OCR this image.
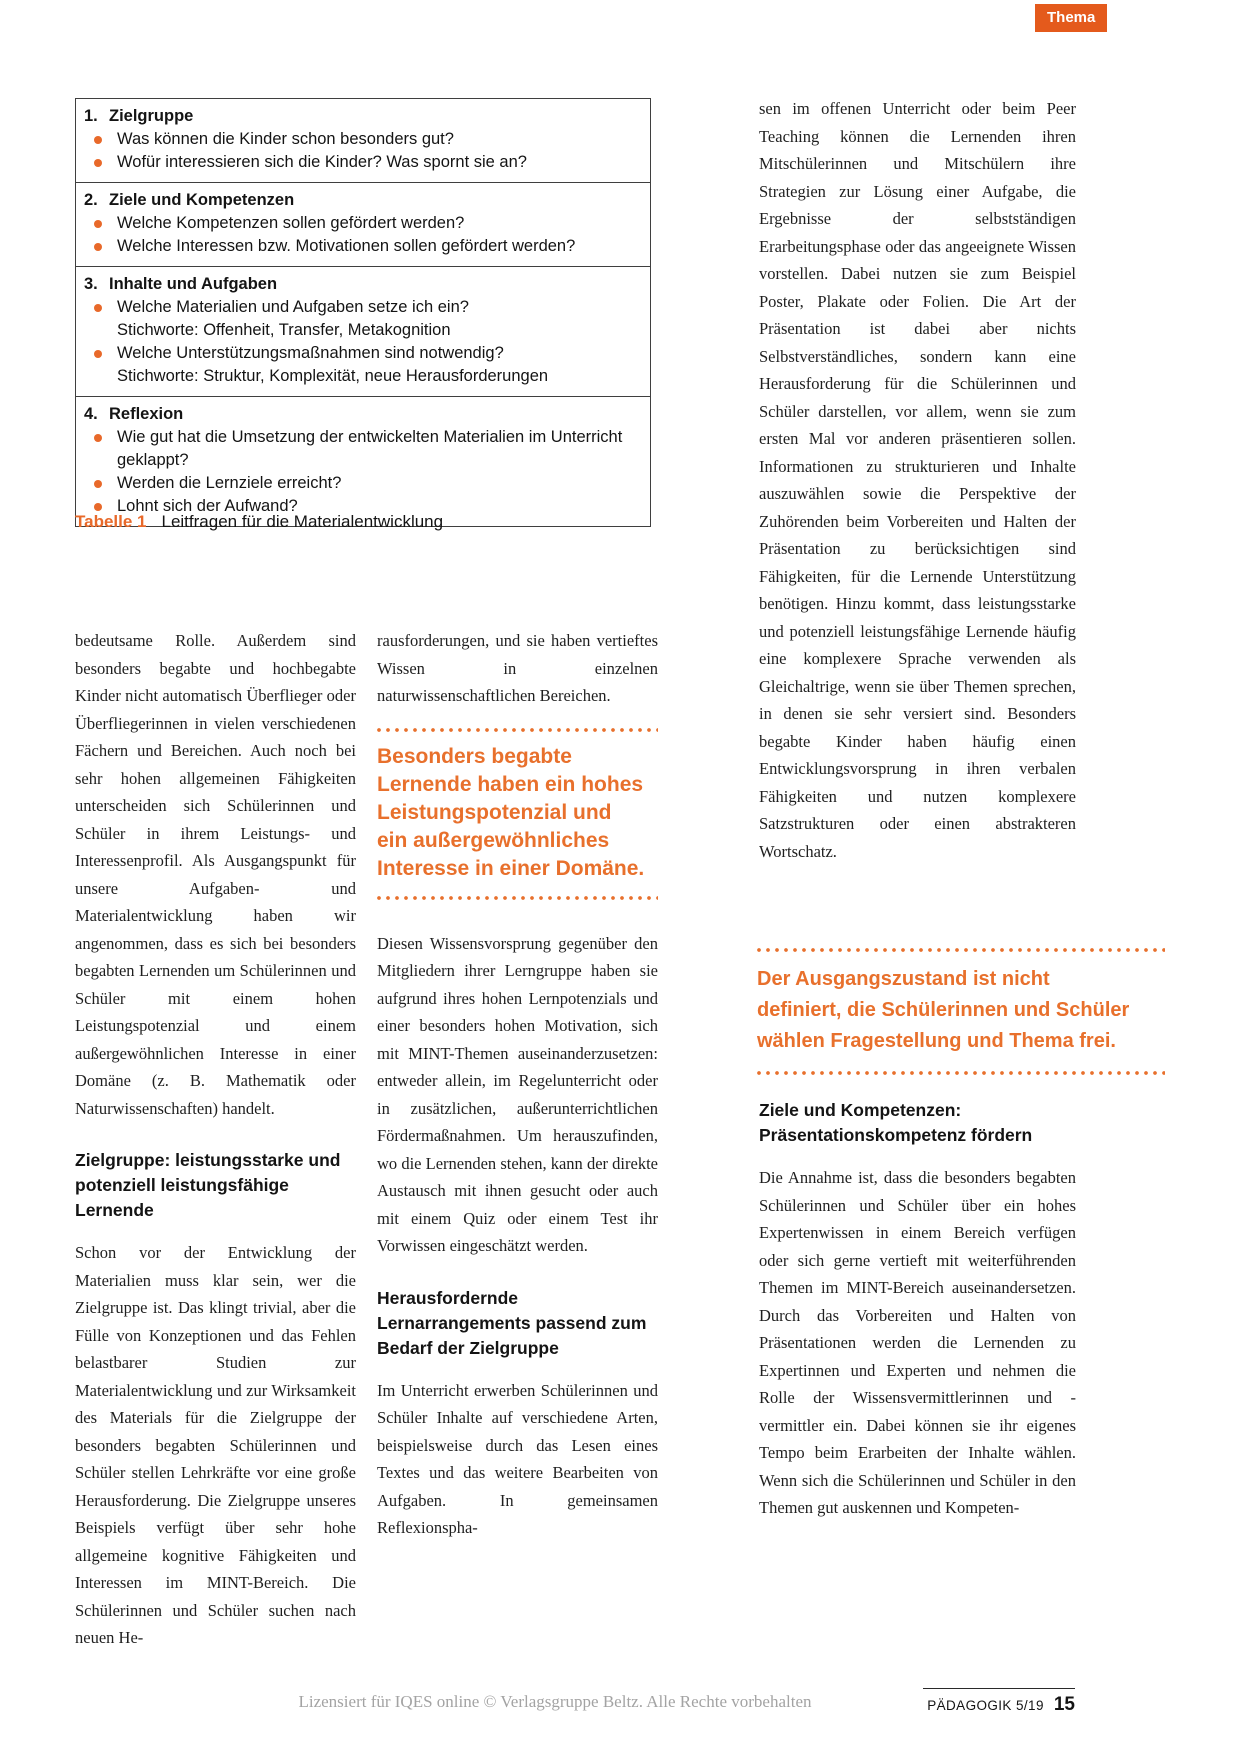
Thema
1. Zielgruppe
Was können die Kinder schon besonders gut?
Wofür interessieren sich die Kinder? Was spornt sie an?
2. Ziele und Kompetenzen
Welche Kompetenzen sollen gefördert werden?
Welche Interessen bzw. Motivationen sollen gefördert werden?
3. Inhalte und Aufgaben
Welche Materialien und Aufgaben setze ich ein?
Stichworte: Offenheit, Transfer, Metakognition
Welche Unterstützungsmaßnahmen sind notwendig?
Stichworte: Struktur, Komplexität, neue Herausforderungen
4. Reflexion
Wie gut hat die Umsetzung der entwickelten Materialien im Unterricht geklappt?
Werden die Lernziele erreicht?
Lohnt sich der Aufwand?
Tabelle 1 Leitfragen für die Materialentwicklung

bedeutsame Rolle. Außerdem sind besonders begabte und hochbegabte Kinder nicht automatisch Überflieger oder Überfliegerinnen in vielen verschiedenen Fächern und Bereichen. Auch noch bei sehr hohen allgemeinen Fähigkeiten unterscheiden sich Schülerinnen und Schüler in ihrem Leistungs- und Interessenprofil. Als Ausgangspunkt für unsere Aufgaben- und Materialentwicklung haben wir angenommen, dass es sich bei besonders begabten Lernenden um Schülerinnen und Schüler mit einem hohen Leistungspotenzial und einem außergewöhnlichen Interesse in einer Domäne (z. B. Mathematik oder Naturwissenschaften) handelt.

Zielgruppe: leistungsstarke und potenziell leistungsfähige Lernende

Schon vor der Entwicklung der Materialien muss klar sein, wer die Zielgruppe ist. Das klingt trivial, aber die Fülle von Konzeptionen und das Fehlen belastbarer Studien zur Materialentwicklung und zur Wirksamkeit des Materials für die Zielgruppe der besonders begabten Schülerinnen und Schüler stellen Lehrkräfte vor eine große Herausforderung. Die Zielgruppe unseres Beispiels verfügt über sehr hohe allgemeine kognitive Fähigkeiten und Interessen im MINT-Bereich. Die Schülerinnen und Schüler suchen nach neuen He-

rausforderungen, und sie haben vertieftes Wissen in einzelnen naturwissenschaftlichen Bereichen.

Besonders begabte
Lernende haben ein hohes
Leistungspotenzial und
ein außergewöhnliches
Interesse in einer Domäne.

Diesen Wissensvorsprung gegenüber den Mitgliedern ihrer Lerngruppe haben sie aufgrund ihres hohen Lernpotenzials und einer besonders hohen Motivation, sich mit MINT-Themen auseinanderzusetzen: entweder allein, im Regelunterricht oder in zusätzlichen, außerunterrichtlichen Fördermaßnahmen. Um herauszufinden, wo die Lernenden stehen, kann der direkte Austausch mit ihnen gesucht oder auch mit einem Quiz oder einem Test ihr Vorwissen eingeschätzt werden.

Herausfordernde Lernarrangements passend zum Bedarf der Zielgruppe

Im Unterricht erwerben Schülerinnen und Schüler Inhalte auf verschiedene Arten, beispielsweise durch das Lesen eines Textes und das weitere Bearbeiten von Aufgaben. In gemeinsamen Reflexionspha-

sen im offenen Unterricht oder beim Peer Teaching können die Lernenden ihren Mitschülerinnen und Mitschülern ihre Strategien zur Lösung einer Aufgabe, die Ergebnisse der selbstständigen Erarbeitungsphase oder das angeeignete Wissen vorstellen. Dabei nutzen sie zum Beispiel Poster, Plakate oder Folien. Die Art der Präsentation ist dabei aber nichts Selbstverständliches, sondern kann eine Herausforderung für die Schülerinnen und Schüler darstellen, vor allem, wenn sie zum ersten Mal vor anderen präsentieren sollen. Informationen zu strukturieren und Inhalte auszuwählen sowie die Perspektive der Zuhörenden beim Vorbereiten und Halten der Präsentation zu berücksichtigen sind Fähigkeiten, für die Lernende Unterstützung benötigen. Hinzu kommt, dass leistungsstarke und potenziell leistungsfähige Lernende häufig eine komplexere Sprache verwenden als Gleichaltrige, wenn sie über Themen sprechen, in denen sie sehr versiert sind. Besonders begabte Kinder haben häufig einen Entwicklungsvorsprung in ihren verbalen Fähigkeiten und nutzen komplexere Satzstrukturen oder einen abstrakteren Wortschatz.

Der Ausgangszustand ist nicht
definiert, die Schülerinnen und Schüler
wählen Fragestellung und Thema frei.
Ziele und Kompetenzen: Präsentationskompetenz fördern

Die Annahme ist, dass die besonders begabten Schülerinnen und Schüler über ein hohes Expertenwissen in einem Bereich verfügen oder sich gerne vertieft mit weiterführenden Themen im MINT-Bereich auseinandersetzen. Durch das Vorbereiten und Halten von Präsentationen werden die Lernenden zu Expertinnen und Experten und nehmen die Rolle der Wissensvermittlerinnen und -vermittler ein. Dabei können sie ihr eigenes Tempo beim Erarbeiten der Inhalte wählen. Wenn sich die Schülerinnen und Schüler in den Themen gut auskennen und Kompeten-

Lizensiert für IQES online © Verlagsgruppe Beltz. Alle Rechte vorbehalten	PÄDAGOGIK 5/19 15
